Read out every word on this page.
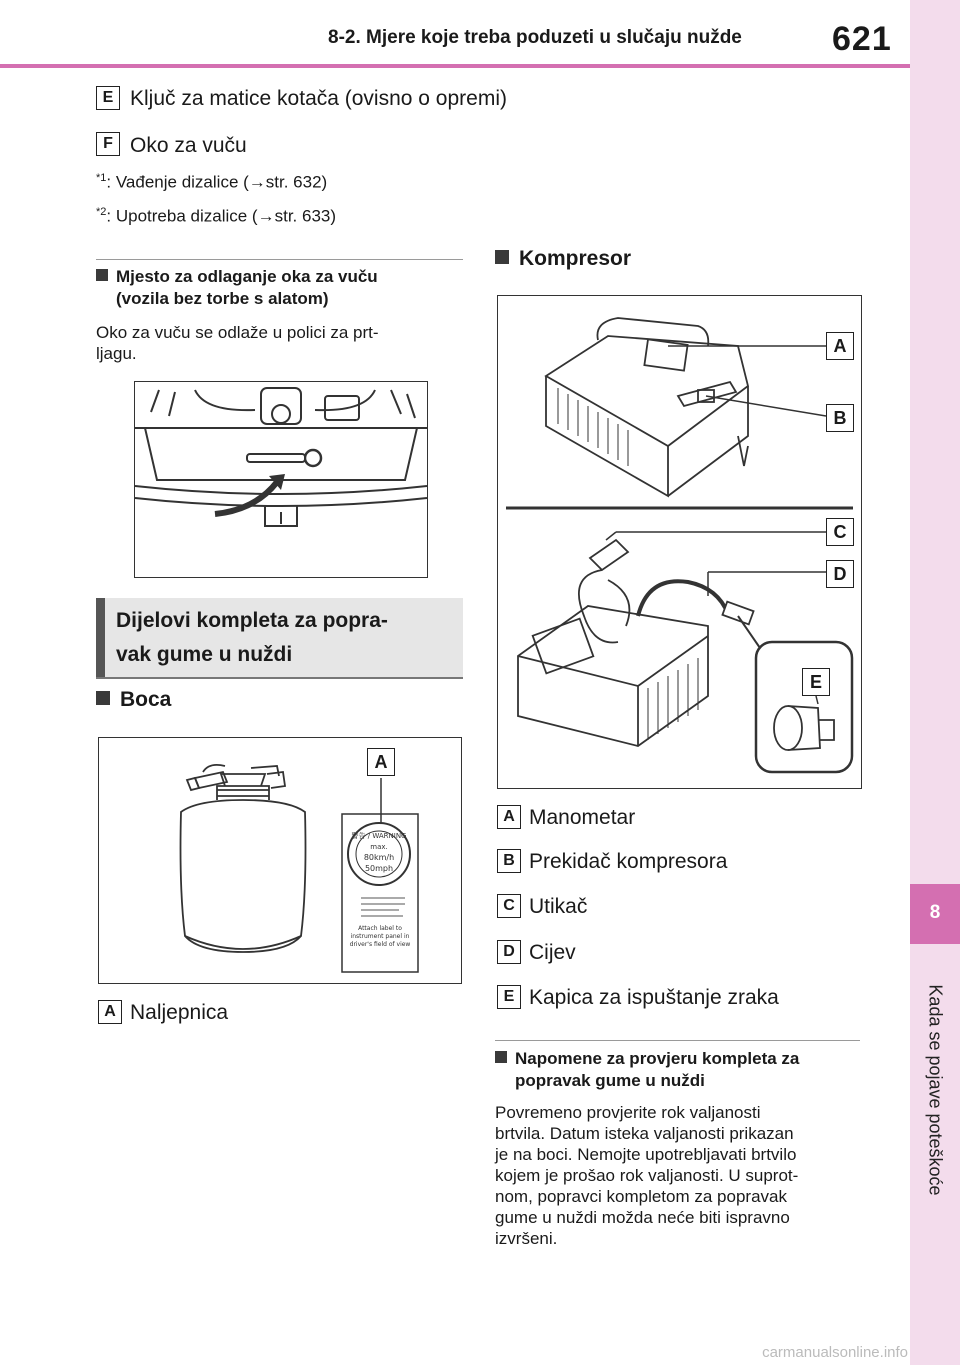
8
Kada se pojave poteškoće
8-2. Mjere koje treba poduzeti u slučaju nužde	621
E Ključ za matice kotača (ovisno o opremi)
F Oko za vuču
$^{*1}$: Vađenje dizalice (→str. 632)
$^{*2}$: Upotreba dizalice (→str. 633)
Mjesto za odlaganje oka za vuču
(vozila bez torbe s alatom)
Oko za vuču se odlaže u polici za prt-
ljagu.
Dijelovi kompleta za popra-
vak gume u nuždi
Boca
警告 / WARNING
max.
80km/h
50mph
Attach label to
instrument panel in
driver's field of view
A
A Naljepnica
Kompresor
A
B
C
D
E
A Manometar
B Prekidač kompresora
C Utikač
D Cijev
E Kapica za ispuštanje zraka
Napomene za provjeru kompleta za
popravak gume u nuždi
Povremeno provjerite rok valjanosti
brtvila. Datum isteka valjanosti prikazan
je na boci. Nemojte upotrebljavati brtvilo
kojem je prošao rok valjanosti. U suprot-
nom, popravci kompletom za popravak
gume u nuždi možda neće biti ispravno
izvršeni.
carmanualsonline.info
